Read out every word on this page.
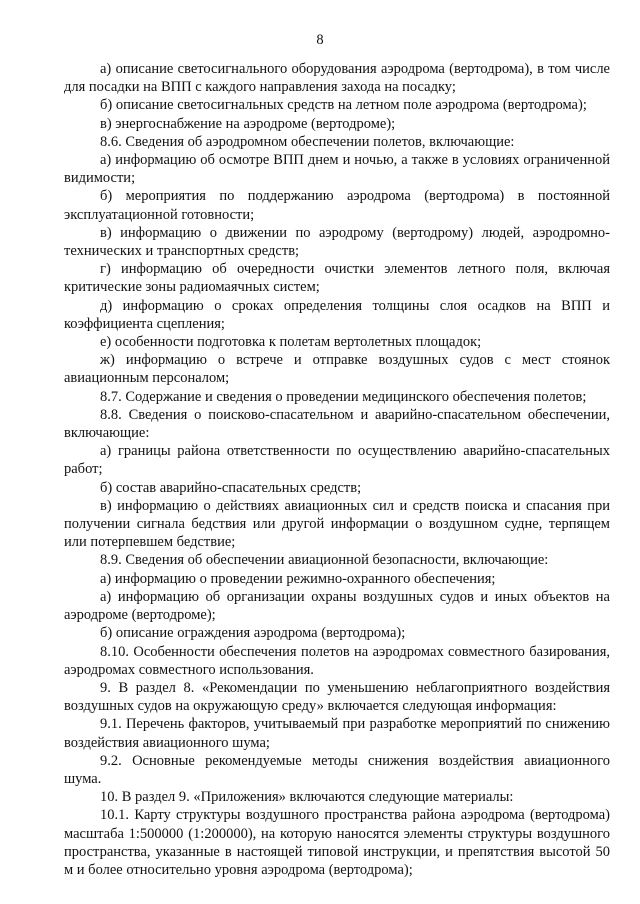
8

а) описание светосигнального оборудования аэродрома (вертодрома), в том числе для посадки на ВПП с каждого направления захода на посадку;

б) описание светосигнальных средств на летном поле аэродрома (вертодрома);

в) энергоснабжение на аэродроме (вертодроме);

8.6. Сведения об аэродромном обеспечении полетов, включающие:

а) информацию об осмотре ВПП днем и ночью, а также в условиях ограниченной видимости;

б) мероприятия по поддержанию аэродрома (вертодрома) в постоянной эксплуатационной готовности;

в) информацию о движении по аэродрому (вертодрому) людей, аэродромно-технических и транспортных средств;

г) информацию об очередности очистки элементов летного поля, включая критические зоны радиомаячных систем;

д) информацию о сроках определения толщины слоя осадков на ВПП и коэффициента сцепления;

е) особенности подготовка к полетам вертолетных площадок;

ж) информацию о встрече и отправке воздушных судов с мест стоянок авиационным персоналом;

8.7. Содержание и сведения о проведении медицинского обеспечения полетов;

8.8. Сведения о поисково-спасательном и аварийно-спасательном обеспечении, включающие:

а) границы района ответственности по осуществлению аварийно-спасательных работ;

б) состав аварийно-спасательных средств;

в) информацию о действиях авиационных сил и средств поиска и спасания при получении сигнала бедствия или другой информации о воздушном судне, терпящем или потерпевшем бедствие;

8.9. Сведения об обеспечении авиационной безопасности, включающие:

а) информацию о проведении режимно-охранного обеспечения;

а) информацию об организации охраны воздушных судов и иных объектов на аэродроме (вертодроме);

б) описание ограждения аэродрома (вертодрома);

8.10. Особенности обеспечения полетов на аэродромах совместного базирования, аэродромах совместного использования.

9. В раздел 8. «Рекомендации по уменьшению неблагоприятного воздействия воздушных судов на окружающую среду» включается следующая информация:

9.1. Перечень факторов, учитываемый при разработке мероприятий по снижению воздействия авиационного шума;

9.2. Основные рекомендуемые методы снижения воздействия авиационного шума.

10. В раздел 9. «Приложения» включаются следующие материалы:

10.1. Карту структуры воздушного пространства района аэродрома (вертодрома) масштаба 1:500000 (1:200000), на которую наносятся элементы структуры воздушного пространства, указанные в настоящей типовой инструкции, и препятствия высотой 50 м и более относительно уровня аэродрома (вертодрома);
